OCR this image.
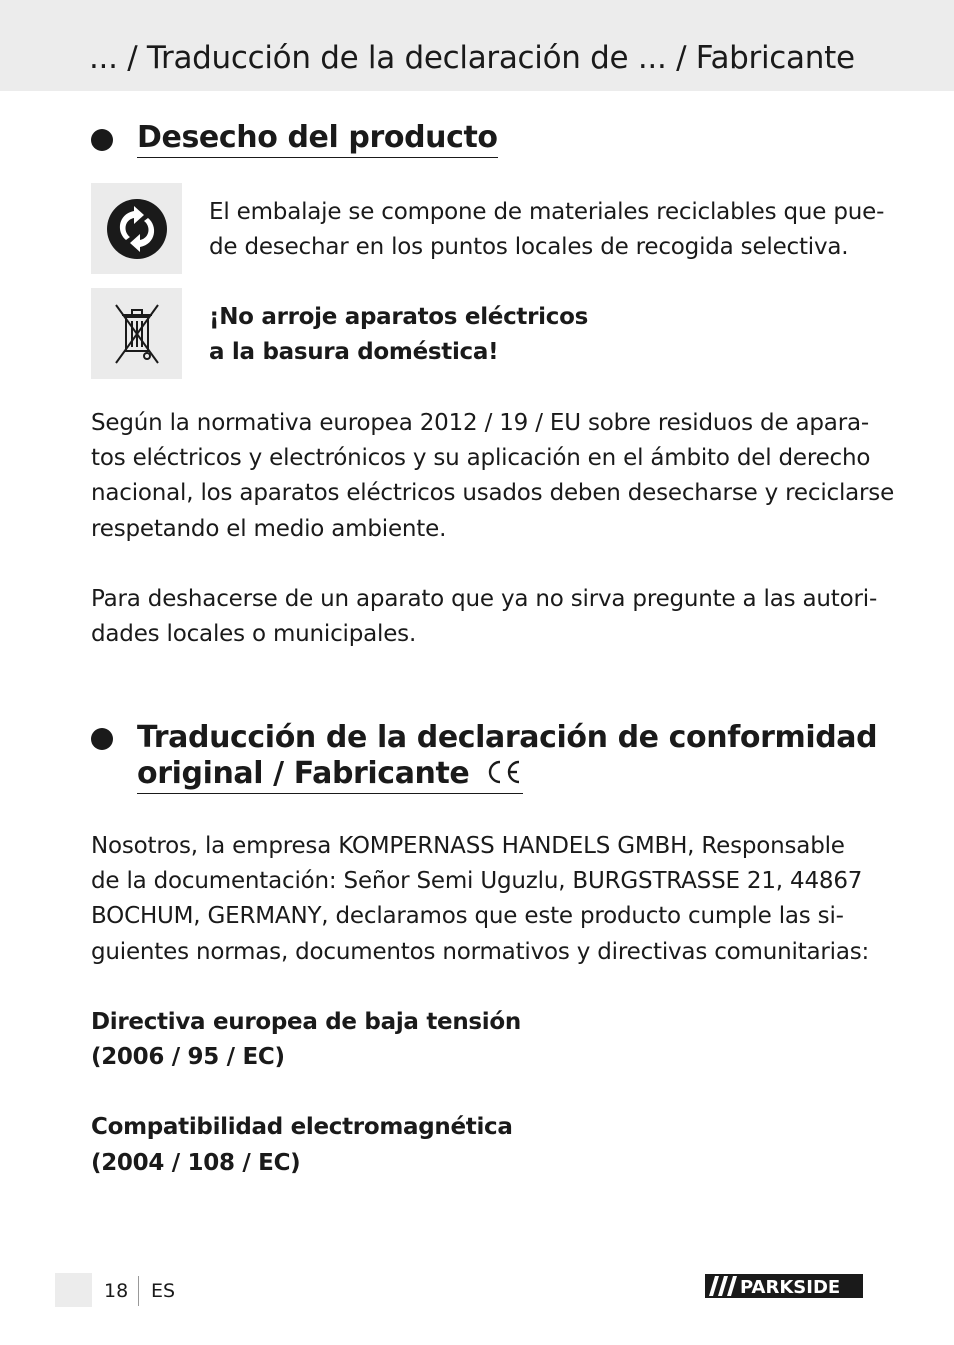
... / Traducción de la declaración de ... / Fabricante
Desecho del producto
El embalaje se compone de materiales reciclables que pue-
de desechar en los puntos locales de recogida selectiva.
¡No arroje aparatos eléctricos
a la basura doméstica!
Según la normativa europea 2012 / 19 / EU sobre residuos de apara-
tos eléctricos y electrónicos y su aplicación en el ámbito del derecho
nacional, los aparatos eléctricos usados deben desecharse y reciclarse
respetando el medio ambiente.
Para deshacerse de un aparato que ya no sirva pregunte a las autori-
dades locales o municipales.
Traducción de la declaración de conformidad
original / Fabricante
Nosotros, la empresa KOMPERNASS HANDELS GMBH, Responsable
de la documentación: Señor Semi Uguzlu, BURGSTRASSE 21, 44867
BOCHUM, GERMANY, declaramos que este producto cumple las si-
guientes normas, documentos normativos y directivas comunitarias:
Directiva europea de baja tensión
(2006 / 95 / EC)
Compatibilidad electromagnética
(2004 / 108 / EC)
18 ES	PARKSIDE
